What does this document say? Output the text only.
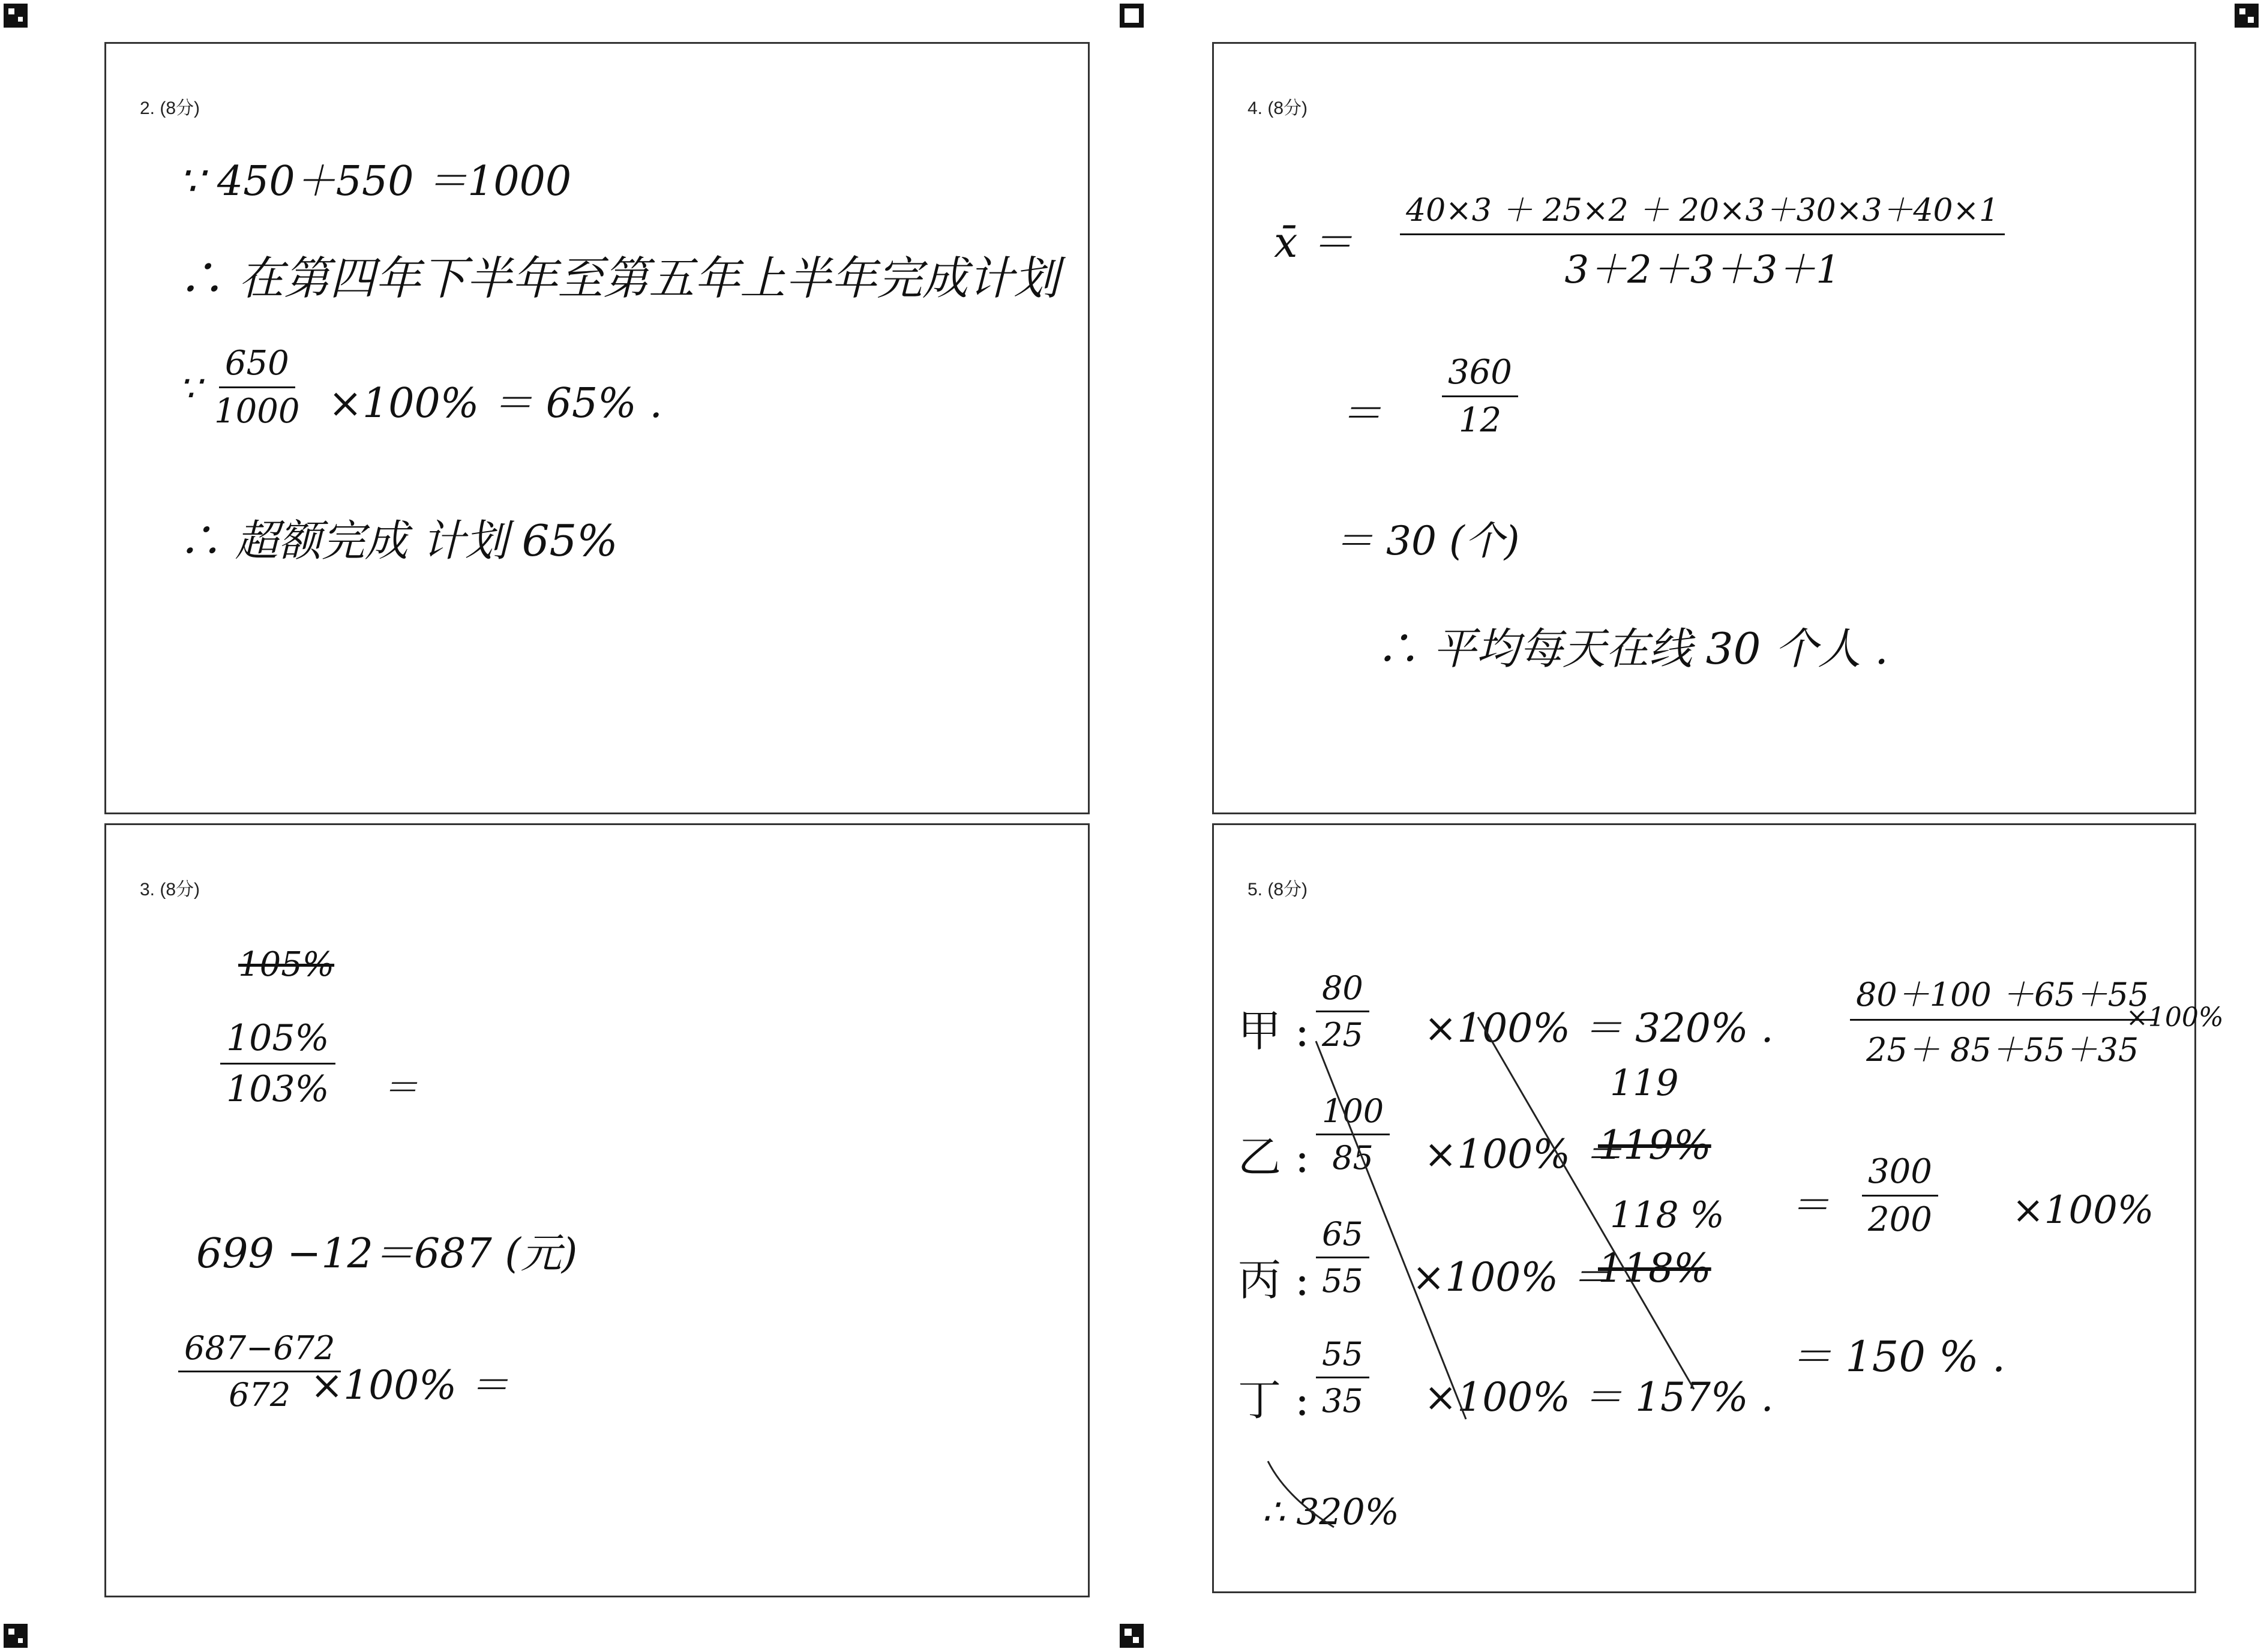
2. (8分)
∵ 450＋550 ＝1000
∴ 在第四年下半年至第五年上半年完成计划
∵ $\frac{650}{1000} \times 100\% = 65\%$ .
∴ 超额完成 计划 65%
3. (8分)
105%
$\frac{105\%}{103\%}$ ＝
699 −12＝687 (元)
$\frac{687-672}{672}$
×100% ＝
4. (8分)
x̄ ＝
40×3 ＋ 25×2 ＋ 20×3＋30×3＋40×1
3＋2＋3＋3＋1
＝ $\frac{360}{12}$
＝ 30 (个)
∴ 平均每天在线 30 个人 .
5. (8分)
甲 : $\frac{80}{25} \times 100\% = 320\%$ .
乙 : $\frac{100}{85} \times 100\%$ ＝
119
119%
丙 : $\frac{65}{55} \times 100\%$ ＝
118 %
118%
丁 : $\frac{55}{35} \times 100\% = 157\%$ .
∴ 320%
$\frac{80+100 +65+55}{25+ 85+55+35}$
×100%
＝ $\frac{300}{200} \times 100\%$
＝ 150 % .
